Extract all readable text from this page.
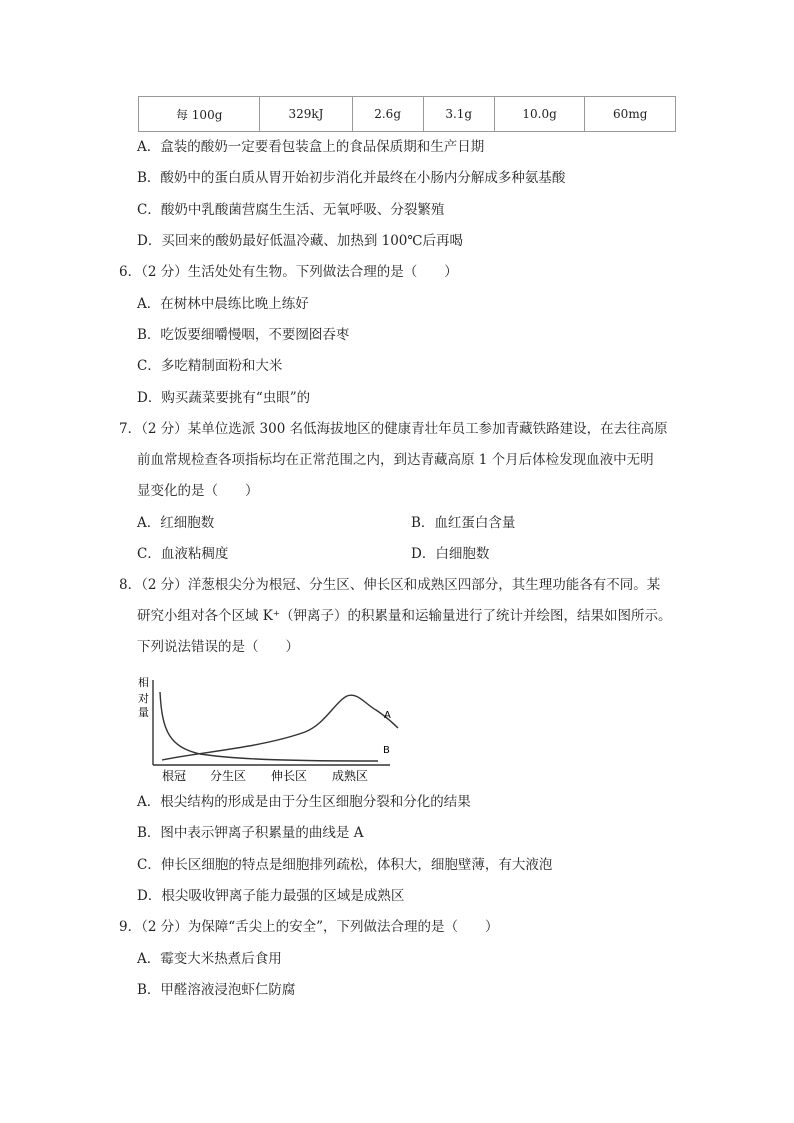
每 100g	329kJ	2.6g	3.1g	10.0g	60mg
A．盒装的酸奶一定要看包装盒上的食品保质期和生产日期
B．酸奶中的蛋白质从胃开始初步消化并最终在小肠内分解成多种氨基酸
C．酸奶中乳酸菌营腐生生活、无氧呼吸、分裂繁殖
D．买回来的酸奶最好低温冷藏、加热到 100℃后再喝
6．（2 分）生活处处有生物。下列做法合理的是（　　）
A．在树林中晨练比晚上练好
B．吃饭要细嚼慢咽，不要囫囵吞枣
C．多吃精制面粉和大米
D．购买蔬菜要挑有“虫眼”的
7．（2 分）某单位选派 300 名低海拔地区的健康青壮年员工参加青藏铁路建设，在去往高原
前血常规检查各项指标均在正常范围之内，到达青藏高原 1 个月后体检发现血液中无明
显变化的是（　　）
A．红细胞数	B．血红蛋白含量
C．血液粘稠度	D．白细胞数
8．（2 分）洋葱根尖分为根冠、分生区、伸长区和成熟区四部分，其生理功能各有不同。某
研究小组对各个区域 K⁺（钾离子）的积累量和运输量进行了统计并绘图，结果如图所示。
下列说法错误的是（　　）
相
对
量	A
B
根冠 分生区 伸长区 成熟区
A．根尖结构的形成是由于分生区细胞分裂和分化的结果
B．图中表示钾离子积累量的曲线是 A
C．伸长区细胞的特点是细胞排列疏松，体积大，细胞壁薄，有大液泡
D．根尖吸收钾离子能力最强的区域是成熟区
9．（2 分）为保障“舌尖上的安全”，下列做法合理的是（　　）
A．霉变大米热煮后食用
B．甲醛溶液浸泡虾仁防腐
